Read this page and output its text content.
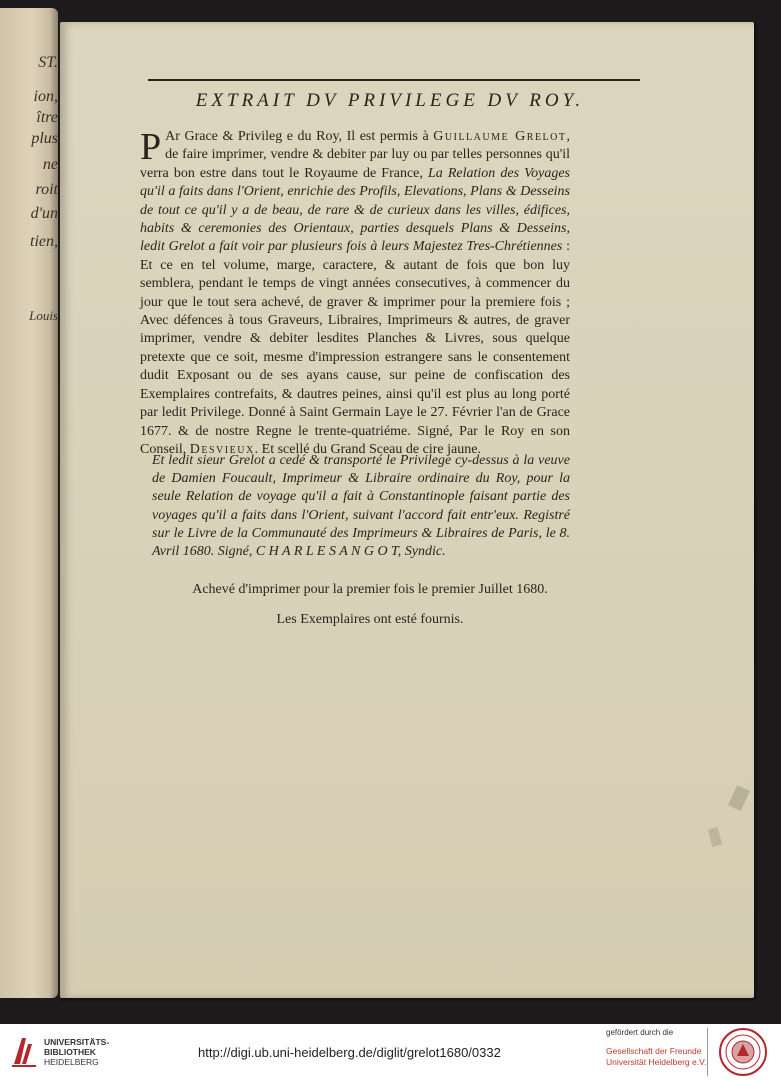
ST.
ion,
ître
plus
ne
roit
d'un
tien,
Louis
EXTRAIT DV PRIVILEGE DV ROY.
P Ar Grace & Privileg e du Roy, Il est permis à Guillaume Grelot, de faire imprimer, vendre & debiter par luy ou par telles personnes qu'il verra bon estre dans tout le Royaume de France, La Relation des Voyages qu'il a faits dans l'Orient, enrichie des Profils, Elevations, Plans & Desseins de tout ce qu'il y a de beau, de rare & de curieux dans les villes, édifices, habits & ceremonies des Orientaux, parties desquels Plans & Desseins, ledit Grelot a fait voir par plusieurs fois à leurs Majestez Tres-Chrétiennes : Et ce en tel volume, marge, caractere, & autant de fois que bon luy semblera, pendant le temps de vingt années consecutives, à commencer du jour que le tout sera achevé, de graver & imprimer pour la premiere fois ; Avec défences à tous Graveurs, Libraires, Imprimeurs & autres, de graver imprimer, vendre & debiter lesdites Planches & Livres, sous quelque pretexte que ce soit, mesme d'impression estrangere sans le consentement dudit Exposant ou de ses ayans cause, sur peine de confiscation des Exemplaires contrefaits, & dautres peines, ainsi qu'il est plus au long porté par ledit Privilege. Donné à Saint Germain Laye le 27. Février l'an de Grace 1677. & de nostre Regne le trente-quatriéme. Signé, Par le Roy en son Conseil, Desvieux. Et scellé du Grand Sceau de cire jaune.
Et ledit sieur Grelot a cedé & transporté le Privilege cy-dessus à la veuve de Damien Foucault, Imprimeur & Libraire ordinaire du Roy, pour la seule Relation de voyage qu'il a fait à Constantinople faisant partie des voyages qu'il a faits dans l'Orient, suivant l'accord fait entr'eux. Registré sur le Livre de la Communauté des Imprimeurs & Libraires de Paris, le 8. Avril 1680. Signé, C H A R L E S A N G O T, Syndic.
Achevé d'imprimer pour la premier fois le premier Juillet 1680.
Les Exemplaires ont esté fournis.
UNIVERSITÄTS-
BIBLIOTHEK
HEIDELBERG
http://digi.ub.uni-heidelberg.de/diglit/grelot1680/0332
gefördert durch die
Gesellschaft der Freunde
Universität Heidelberg e.V.
